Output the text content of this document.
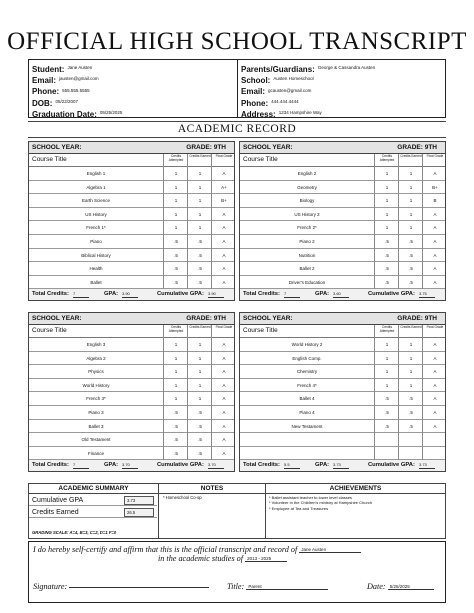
OFFICIAL HIGH SCHOOL TRANSCRIPT
Student: Jane Austen
Email: jausten@gmail.com
Phone: 555.555.5555
DOB: 05/22/2007
Graduation Date: 05/25/2025
Parents/Guardians: George & Cassandra Austen
School: Austen Homeschool
Email: gcausten@gmail.com
Phone: 444.444.4444
Address: 1234 Hampshire Way
ACADEMIC RECORD
SCHOOL YEAR:	GRADE: 9TH
Course Title	Credits Attempted
Credits Earned	Final Grade
English 1	1	1	A
Algebra 1	1	1	A+
Earth Science	1	1	B+
US History	1	1	A
French 1*	1	1	A
Piano	.5	.5	A
Biblical History	.5	.5	A
Health	.5	.5	A
Ballet	.5	.5	A
Total Credits: 7	GPA: 3.90	Cumulative GPA: 3.90
SCHOOL YEAR:	GRADE: 9TH
Course Title	Credits Attempted
Credits Earned	Final Grade
English 2	1	1	A
Geometry	1	1	B+
Biology	1	1	B
US History 2	1	1	A
French 2*	1	1	A
Piano 2	.5	.5	A
Nutrition	.5	.5	A
Ballet 2	.5	.5	A
Driver's Education	.5	.5	A
Total Credits: 7	GPA: 3.60	Cumulative GPA: 3.75
SCHOOL YEAR:	GRADE: 9TH
Course Title	Credits Attempted
Credits Earned	Final Grade
English 3	1	1	A
Algebra 2	1	1	A
Physics	1	1	A
World History	1	1	A
French 3*	1	1	A
Piano 3	.5	.5	A
Ballet 3	.5	.5	A
Old Testament	.5	.5	A
Finance	.5	.5	A
Total Credits: 7	GPA: 3.70	Cumulative GPA: 3.70
SCHOOL YEAR:	GRADE: 9TH
Course Title	Credits Attempted
Credits Earned	Final Grade
World History 2	1	1	A
English Comp.	1	1	A
Chemistry	1	1	A
French 4*	1	1	A
Ballet 4	.5	.5	A
Piano 4	.5	.5	A
New Testament	.5	.5	A
Total Credits: 5.5	GPA: 3.73	Cumulative GPA: 3.73
ACADEMIC SUMMARY	NOTES	ACHIEVEMENTS
Cumulative GPA	3.73
Credits Earned	26.5
GRADING SCALE: A=4, B=3, C=2, D=1 F=0
* Homeschool Co-op	* Ballet assistant teacher to lower level classes
* Volunteer in the Children's ministry at Hampshire Church
* Employee at Tea and Treasures
I do hereby self-certify and affirm that this is the official transcript and record of Jane Austen
in the academic studies of 2013 - 2025
Signature:	Title: Parent	Date: 5/25/2025
